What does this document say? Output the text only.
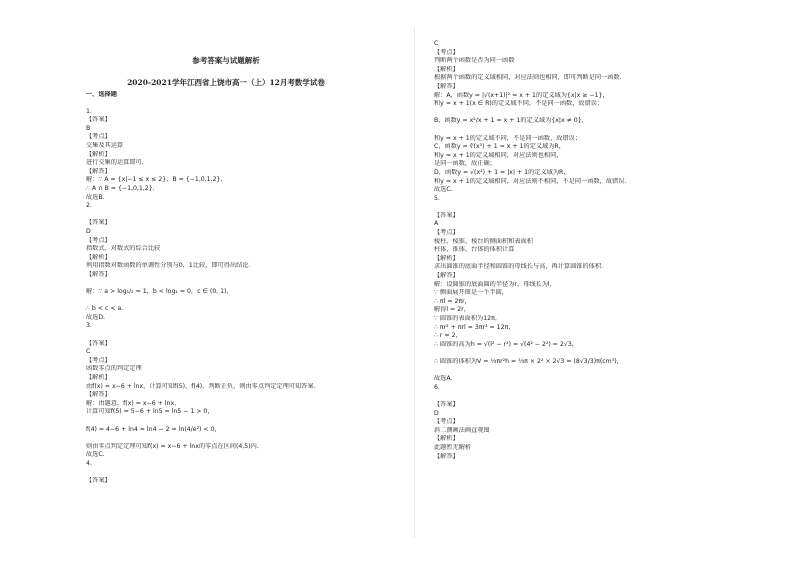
参考答案与试题解析
2020-2021学年江西省上饶市高一（上）12月考数学试卷
一、选择题
1.
【答案】
B
【考点】
交集及其运算
【解析】
进行交集的运算即可.
【解答】
解：∵ A = {x|−1 ≤ x ≤ 2}，B = {−1,0,1,2},
∴ A ∩ B = {−1,0,1,2}.
故选B.
2.
【答案】
D
【考点】
指数式、对数式的综合比较
【解析】
利用指数对数函数的单调性分别与0，1比较，即可得出结论．
【解答】
解：∵ a > log₁/₂ = 1，b < log₁ = 0，c ∈ (0, 1)，
∴ b < c < a．
故选D.
3.
【答案】
C
【考点】
函数零点的判定定理
【解析】
由f(x) = x−6 + lnx，计算可知f(5)，f(4)，判断正负，则由零点判定定理可知答案.
【解答】
解：由题意，f(x) = x−6 + lnx，
计算可知f(5) = 5−6 + ln5 = ln5 − 1 > 0，
f(4) = 4−6 + ln4 = ln4 − 2 = ln(4/e²) < 0，
则由零点判定定理可知f(x) = x−6 + lnx的零点在区间(4,5)内.
故选C.
4.
【答案】
C
【考点】
判断两个函数是否为同一函数
【解析】
根据两个函数的定义域相同，对应法则也相同，即可判断是同一函数．
【解答】
解：A，函数y = |√(x+1)|² = x + 1的定义域为{x|x ≥ −1}，
和y = x + 1(x ∈ R)的定义域不同，不是同一函数，故错误；
B，函数y = x²/x + 1 = x + 1的定义域为{x|x ≠ 0}，
和y = x + 1的定义域不同，不是同一函数，故错误；
C，函数y = ∛(x³) + 1 = x + 1的定义域为R，
和y = x + 1的定义域相同，对应法则也相同，
是同一函数，故正确；
D，函数y = √(x²) + 1 = |x| + 1的定义域为R，
和y = x + 1的定义域相同，对应法则不相同，不是同一函数，故错误．
故选C.
5.
【答案】
A
【考点】
棱柱、棱锥、棱台的侧面积和表面积
柱体、锥体、台体的体积计算
【解析】
求出圆锥的底面半径和圆锥的母线长与高，再计算圆锥的体积．
【解答】
解：设圆锥的底面圆的半径为r，母线长为l，
∵ 侧面展开图是一个半圆，
∴ πl = 2πr，
解得l = 2r，
∵ 圆锥的表面积为12π，
∴ πr² + πrl = 3πr² = 12π，
∴ r = 2，
∴ 圆锥的高为h = √(l² − r²) = √(4² − 2²) = 2√3，
∴ 圆锥的体积为V = ⅓πr²h = ⅓π × 2² × 2√3 = (8√3/3)π(cm³)，
故选A．
6.
【答案】
D
【考点】
斜二测画法画直观图
【解析】
此题暂无解析
【解答】
